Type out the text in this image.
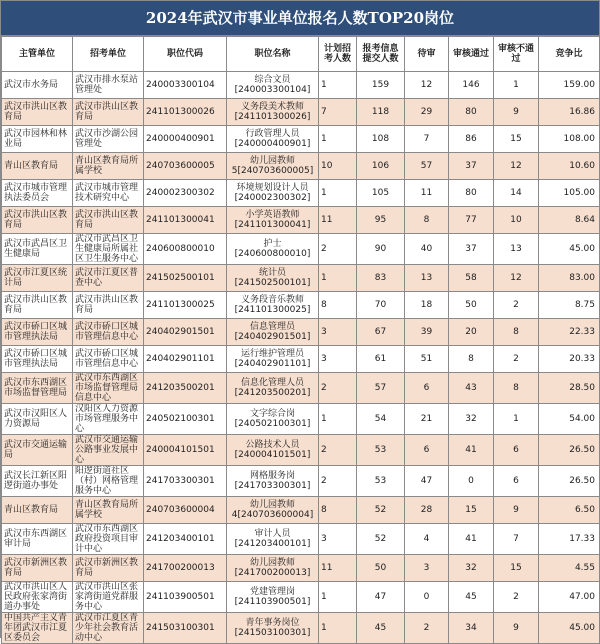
2024年武汉市事业单位报名人数TOP20岗位
主管单位	招考单位	职位代码	职位名称	计划招考人数	报考信息提交人数	待审	审核通过	审核不通过	竞争比
武汉市水务局	武汉市排水泵站管理处	240003300104	综合文员[240003300104]	1	159	12	146	1	159.00
武汉市洪山区教育局	武汉市洪山区教育局	241101300026	义务段美术教师[241101300026]	7	118	29	80	9	16.86
武汉市园林和林业局	武汉市沙湖公园管理处	240000400901	行政管理人员[240000400901]	1	108	7	86	15	108.00
青山区教育局	青山区教育局所属学校	240703600005	幼儿园教师5[240703600005]	10	106	57	37	12	10.60
武汉市城市管理执法委员会	武汉市城市管理技术研究中心	240002300302	环境规划设计人员[240002300302]	1	105	11	80	14	105.00
武汉市洪山区教育局	武汉市洪山区教育局	241101300041	小学英语教师[241101300041]	11	95	8	77	10	8.64
武汉市武昌区卫生健康局	武汉市武昌区卫生健康局所属社区卫生服务中心	240600800010	护士[240600800010]	2	90	40	37	13	45.00
武汉市江夏区统计局	武汉市江夏区普查中心	241502500101	统计员[241502500101]	1	83	13	58	12	83.00
武汉市洪山区教育局	武汉市洪山区教育局	241101300025	义务段音乐教师[241101300025]	8	70	18	50	2	8.75
武汉市硚口区城市管理执法局	武汉市硚口区城市管理信息中心	240402901501	信息管理员[240402901501]	3	67	39	20	8	22.33
武汉市硚口区城市管理执法局	武汉市硚口区城市管理信息中心	240402901101	运行维护管理员[240402901101]	3	61	51	8	2	20.33
武汉市东西湖区市场监督管理局	武汉市东西湖区市场监督管理局信息中心	241203500201	信息化管理人员[241203500201]	2	57	6	43	8	28.50
武汉市汉阳区人力资源局	汉阳区人力资源市场管理服务中心	240502100301	文字综合岗[240502100301]	1	54	21	32	1	54.00
武汉市交通运输局	武汉市交通运输公路事业发展中心	240004101501	公路技术人员[240004101501]	2	53	6	41	6	26.50
武汉长江新区阳逻街道办事处	阳逻街道社区（村）网格管理服务中心	241703300301	网格服务岗[241703300301]	2	53	47	0	6	26.50
青山区教育局	青山区教育局所属学校	240703600004	幼儿园教师4[240703600004]	8	52	28	15	9	6.50
武汉市东西湖区审计局	武汉市东西湖区政府投资项目审计中心	241203400101	审计人员[241203400101]	3	52	4	41	7	17.33
武汉市新洲区教育局	武汉市新洲区教育局	241700200013	幼儿园教师[241700200013]	11	50	3	32	15	4.55
武汉市洪山区人民政府张家湾街道办事处	武汉市洪山区张家湾街道党群服务中心	241103900501	党建管理岗[241103900501]	1	47	0	45	2	47.00
中国共产主义青年团武汉市江夏区委员会	武汉市江夏区青少年社会教育活动中心	241503100301	青年事务岗位[241503100301]	1	45	2	34	9	45.00
